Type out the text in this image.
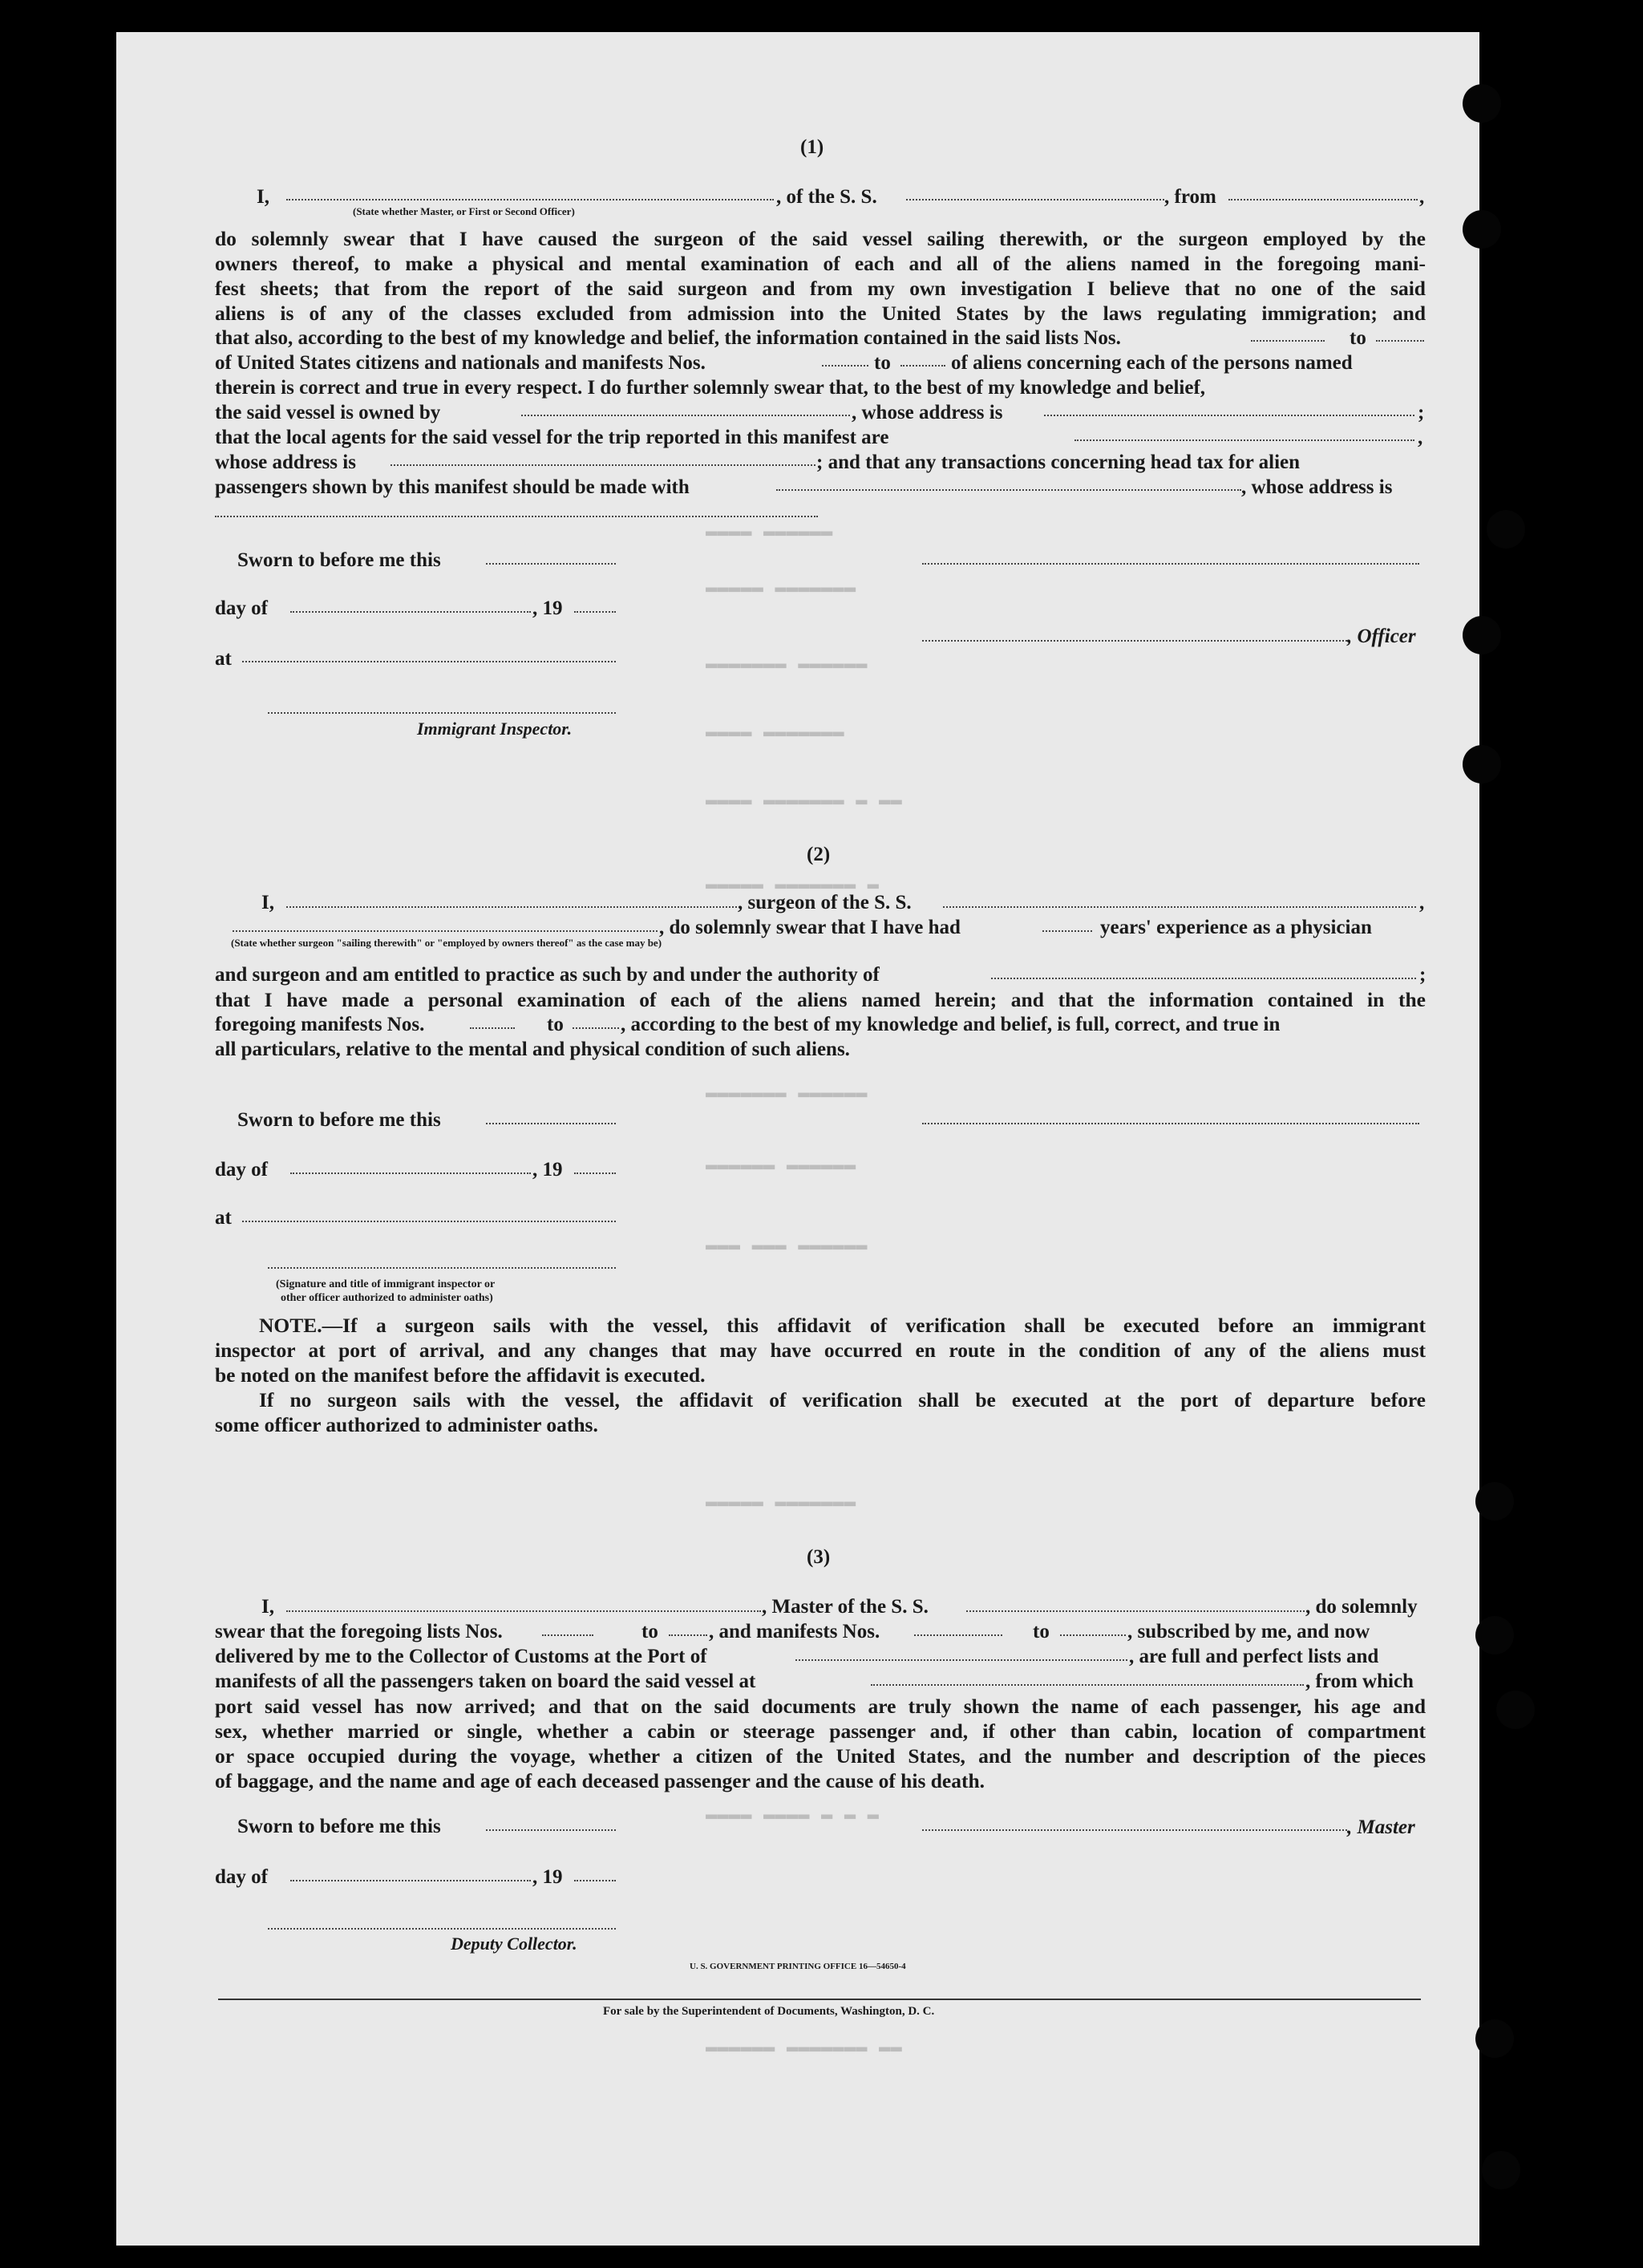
▬▬▬▬ ▬▬▬▬▬▬
▬▬▬▬▬ ▬▬▬▬▬▬▬
▬▬▬▬▬▬▬ ▬▬▬▬▬▬
▬▬▬▬ ▬▬▬▬▬▬▬
▬▬▬▬ ▬▬▬▬▬▬▬ ▬ ▬▬
▬▬▬▬▬ ▬▬▬▬▬▬▬ ▬
▬▬▬▬▬▬▬ ▬▬▬▬▬▬
▬▬▬▬▬▬ ▬▬▬▬▬▬
▬▬▬ ▬▬▬ ▬▬▬▬▬▬
▬▬▬▬▬ ▬▬▬▬▬▬▬
▬▬▬▬ ▬▬▬▬ ▬ ▬ ▬
▬▬▬▬▬▬ ▬▬▬▬▬▬▬ ▬▬
(1)
I,	, of the S. S.	, from	,
(State whether Master, or First or Second Officer)
do solemnly swear that I have caused the surgeon of the said vessel sailing therewith, or the surgeon employed by the
owners thereof, to make a physical and mental examination of each and all of the aliens named in the foregoing mani-
fest sheets; that from the report of the said surgeon and from my own investigation I believe that no one of the said
aliens is of any of the classes excluded from admission into the United States by the laws regulating immigration; and
that also, according to the best of my knowledge and belief, the information contained in the said lists Nos.	to
of United States citizens and nationals and manifests Nos.	to	of aliens concerning each of the persons named
therein is correct and true in every respect. I do further solemnly swear that, to the best of my knowledge and belief,
the said vessel is owned by	, whose address is	;
that the local agents for the said vessel for the trip reported in this manifest are	,
whose address is	; and that any transactions concerning head tax for alien
passengers shown by this manifest should be made with	, whose address is
Sworn to before me this
day of	, 19
, Officer
at
Immigrant Inspector.
(2)
I,	, surgeon of the S. S.	,
, do solemnly swear that I have had	years' experience as a physician
(State whether surgeon "sailing therewith" or "employed by owners thereof" as the case may be)
and surgeon and am entitled to practice as such by and under the authority of	;
that I have made a personal examination of each of the aliens named herein; and that the information contained in the
foregoing manifests Nos.	to	, according to the best of my knowledge and belief, is full, correct, and true in
all particulars, relative to the mental and physical condition of such aliens.
Sworn to before me this
day of	, 19
at
(Signature and title of immigrant inspector or
other officer authorized to administer oaths)
NOTE.—If a surgeon sails with the vessel, this affidavit of verification shall be executed before an immigrant
inspector at port of arrival, and any changes that may have occurred en route in the condition of any of the aliens must
be noted on the manifest before the affidavit is executed.
If no surgeon sails with the vessel, the affidavit of verification shall be executed at the port of departure before
some officer authorized to administer oaths.
(3)
I,	, Master of the S. S.	, do solemnly
swear that the foregoing lists Nos.	to	, and manifests Nos.	to	, subscribed by me, and now
delivered by me to the Collector of Customs at the Port of	, are full and perfect lists and
manifests of all the passengers taken on board the said vessel at	, from which
port said vessel has now arrived; and that on the said documents are truly shown the name of each passenger, his age and
sex, whether married or single, whether a cabin or steerage passenger and, if other than cabin, location of compartment
or space occupied during the voyage, whether a citizen of the United States, and the number and description of the pieces
of baggage, and the name and age of each deceased passenger and the cause of his death.
Sworn to before me this	, Master
day of	, 19
Deputy Collector.
U. S. GOVERNMENT PRINTING OFFICE 16—54650-4
For sale by the Superintendent of Documents, Washington, D. C.
